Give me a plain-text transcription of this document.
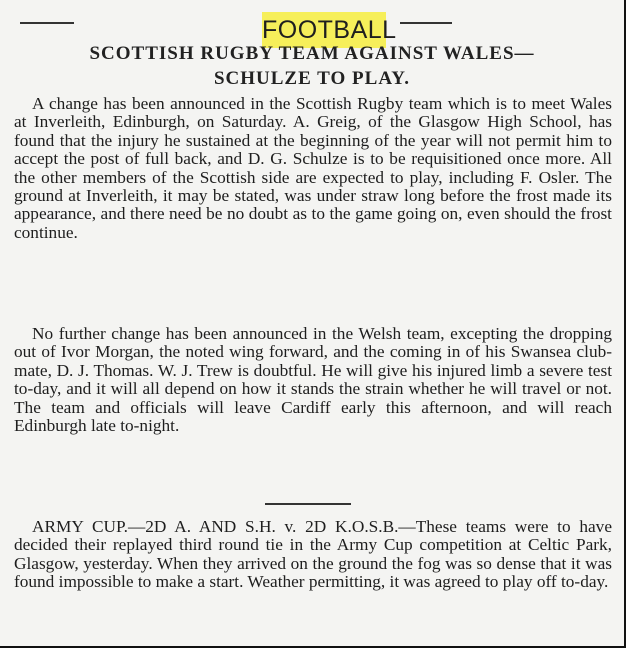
FOOTBALL

SCOTTISH RUGBY TEAM AGAINST WALES—

SCHULZE TO PLAY.

A change has been announced in the Scottish Rugby team which is to meet Wales at Inverleith, Edinburgh, on Saturday. A. Greig, of the Glasgow High School, has found that the injury he sustained at the beginning of the year will not permit him to accept the post of full back, and D. G. Schulze is to be requisitioned once more. All the other members of the Scottish side are expected to play, including F. Osler. The ground at Inverleith, it may be stated, was under straw long before the frost made its appearance, and there need be no doubt as to the game going on, even should the frost continue.

No further change has been announced in the Welsh team, excepting the dropping out of Ivor Morgan, the noted wing forward, and the coming in of his Swansea club-mate, D. J. Thomas. W. J. Trew is doubtful. He will give his injured limb a severe test to-day, and it will all depend on how it stands the strain whether he will travel or not. The team and officials will leave Cardiff early this afternoon, and will reach Edinburgh late to-night.

ARMY CUP.—2D A. AND S.H. v. 2D K.O.S.B.—These teams were to have decided their replayed third round tie in the Army Cup competition at Celtic Park, Glasgow, yesterday. When they arrived on the ground the fog was so dense that it was found impossible to make a start. Weather permitting, it was agreed to play off to-day.
